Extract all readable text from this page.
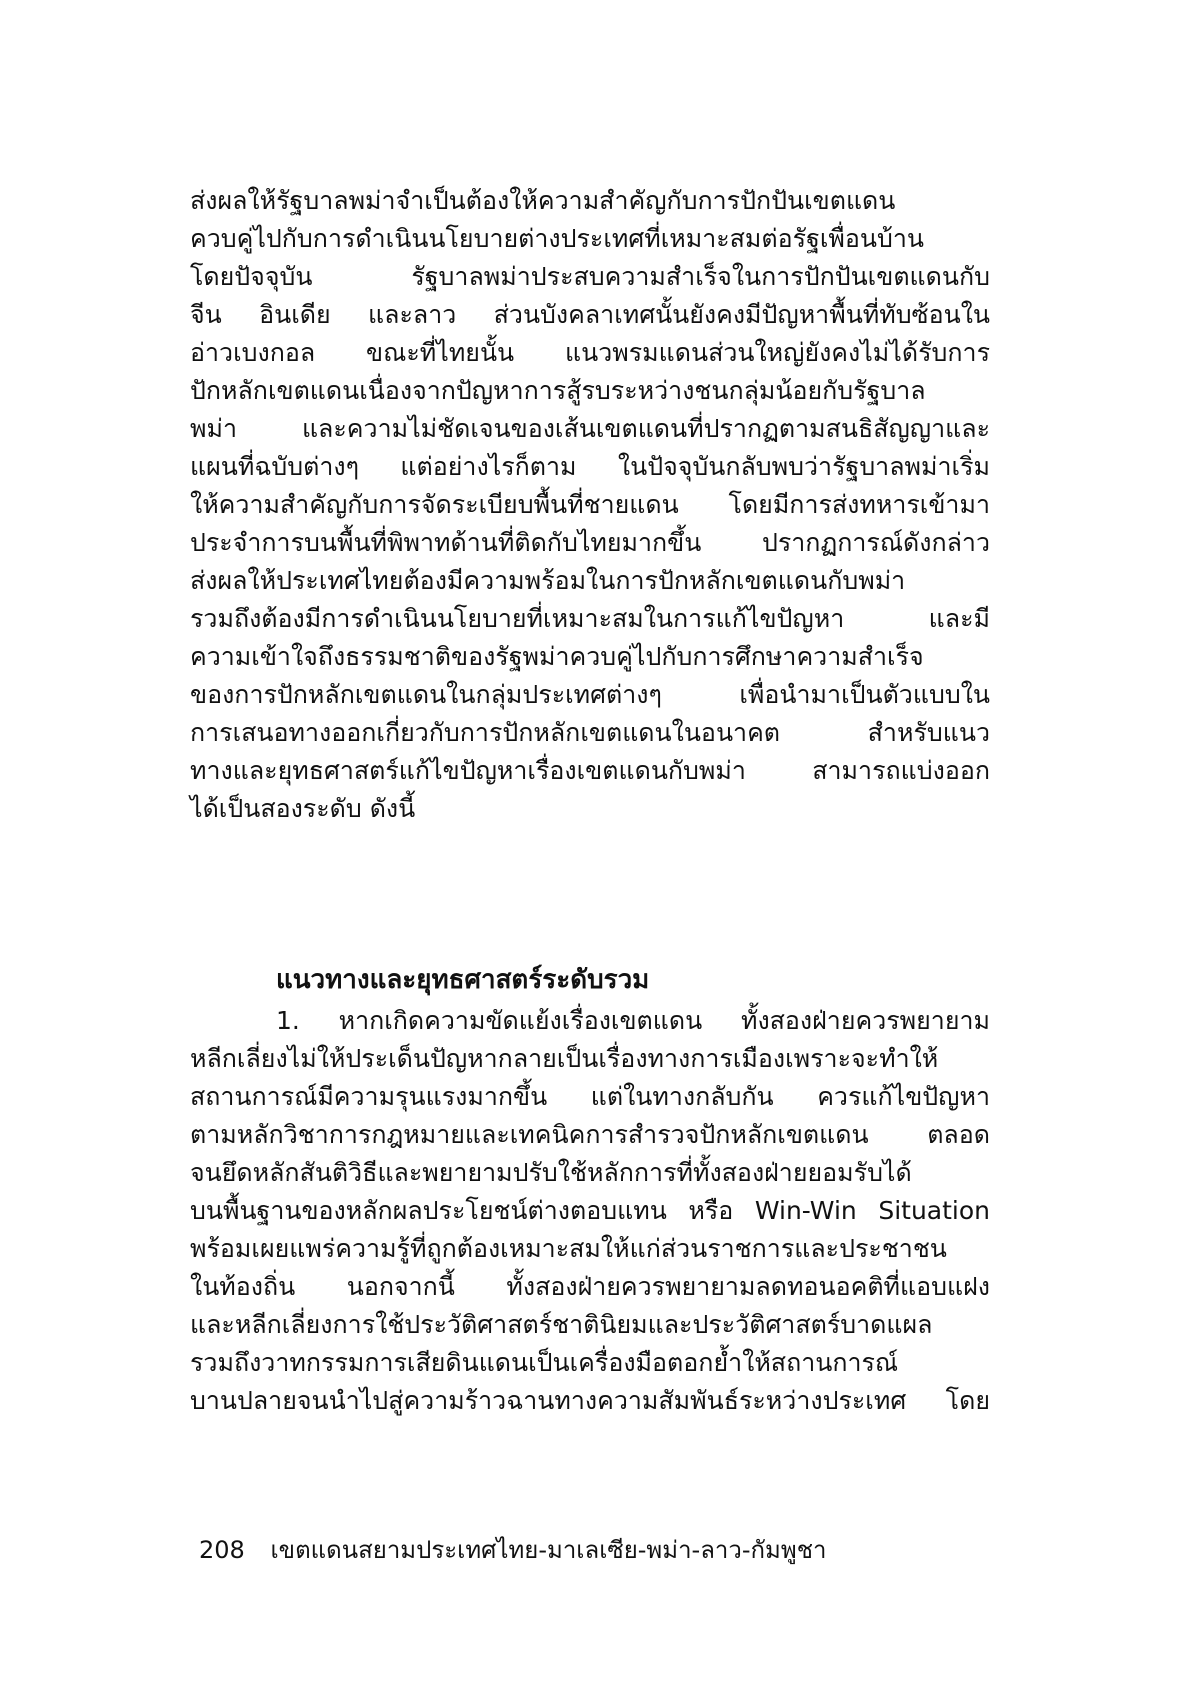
ส่งผลให้รัฐบาลพม่าจำเป็นต้องให้ความสำคัญกับการปักปันเขตแดน
ควบคู่ไปกับการดำเนินนโยบายต่างประเทศที่เหมาะสมต่อรัฐเพื่อนบ้าน
โดยปัจจุบัน รัฐบาลพม่าประสบความสำเร็จในการปักปันเขตแดนกับ
จีน อินเดีย และลาว ส่วนบังคลาเทศนั้นยังคงมีปัญหาพื้นที่ทับซ้อนใน
อ่าวเบงกอล ขณะที่ไทยนั้น แนวพรมแดนส่วนใหญ่ยังคงไม่ได้รับการ
ปักหลักเขตแดนเนื่องจากปัญหาการสู้รบระหว่างชนกลุ่มน้อยกับรัฐบาล
พม่า และความไม่ชัดเจนของเส้นเขตแดนที่ปรากฏตามสนธิสัญญาและ
แผนที่ฉบับต่างๆ แต่อย่างไรก็ตาม ในปัจจุบันกลับพบว่ารัฐบาลพม่าเริ่ม
ให้ความสำคัญกับการจัดระเบียบพื้นที่ชายแดน โดยมีการส่งทหารเข้ามา
ประจำการบนพื้นที่พิพาทด้านที่ติดกับไทยมากขึ้น ปรากฏการณ์ดังกล่าว
ส่งผลให้ประเทศไทยต้องมีความพร้อมในการปักหลักเขตแดนกับพม่า
รวมถึงต้องมีการดำเนินนโยบายที่เหมาะสมในการแก้ไขปัญหา และมี
ความเข้าใจถึงธรรมชาติของรัฐพม่าควบคู่ไปกับการศึกษาความสำเร็จ
ของการปักหลักเขตแดนในกลุ่มประเทศต่างๆ เพื่อนำมาเป็นตัวแบบใน
การเสนอทางออกเกี่ยวกับการปักหลักเขตแดนในอนาคต สำหรับแนว
ทางและยุทธศาสตร์แก้ไขปัญหาเรื่องเขตแดนกับพม่า สามารถแบ่งออก
ได้เป็นสองระดับ ดังนี้
แนวทางและยุทธศาสตร์ระดับรวม
1. หากเกิดความขัดแย้งเรื่องเขตแดน ทั้งสองฝ่ายควรพยายาม
หลีกเลี่ยงไม่ให้ประเด็นปัญหากลายเป็นเรื่องทางการเมืองเพราะจะทำให้
สถานการณ์มีความรุนแรงมากขึ้น แต่ในทางกลับกัน ควรแก้ไขปัญหา
ตามหลักวิชาการกฎหมายและเทคนิคการสำรวจปักหลักเขตแดน ตลอด
จนยึดหลักสันติวิธีและพยายามปรับใช้หลักการที่ทั้งสองฝ่ายยอมรับได้
บนพื้นฐานของหลักผลประโยชน์ต่างตอบแทน หรือ Win-Win Situation
พร้อมเผยแพร่ความรู้ที่ถูกต้องเหมาะสมให้แก่ส่วนราชการและประชาชน
ในท้องถิ่น นอกจากนี้ ทั้งสองฝ่ายควรพยายามลดทอนอคติที่แอบแฝง
และหลีกเลี่ยงการใช้ประวัติศาสตร์ชาตินิยมและประวัติศาสตร์บาดแผล
รวมถึงวาทกรรมการเสียดินแดนเป็นเครื่องมือตอกย้ำให้สถานการณ์
บานปลายจนนำไปสู่ความร้าวฉานทางความสัมพันธ์ระหว่างประเทศ โดย
208 เขตแดนสยามประเทศไทย-มาเลเซีย-พม่า-ลาว-กัมพูชา
